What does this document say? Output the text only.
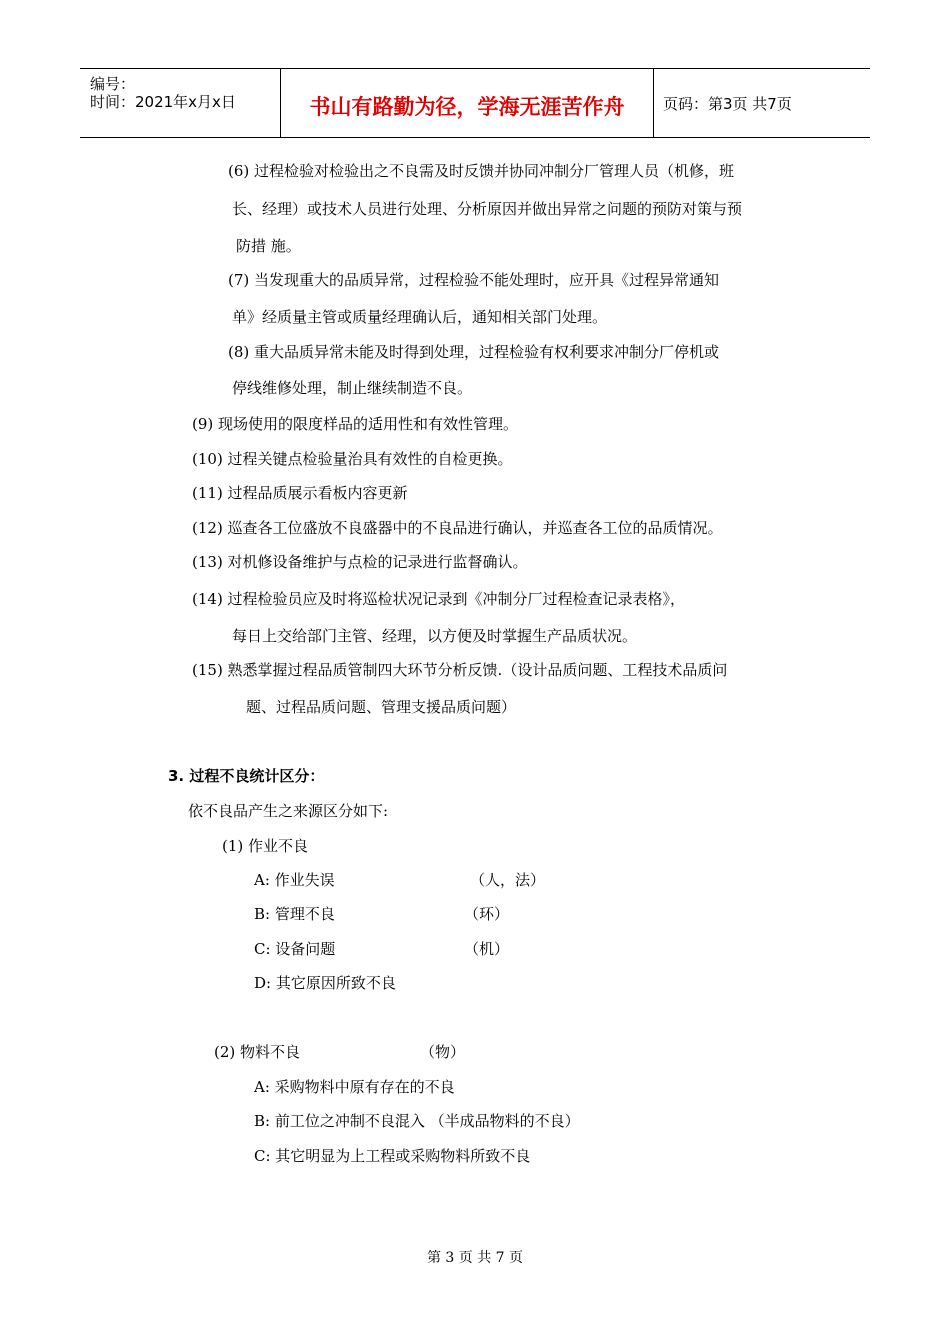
编号：
时间：2021年x月x日	书山有路勤为径，学海无涯苦作舟	页码：第3页 共7页
(6) 过程检验对检验出之不良需及时反馈并协同冲制分厂管理人员（机修，班
长、经理）或技术人员进行处理、分析原因并做出异常之问题的预防对策与预
防措 施。
(7) 当发现重大的品质异常，过程检验不能处理时，应开具《过程异常通知
单》经质量主管或质量经理确认后，通知相关部门处理。
(8) 重大品质异常未能及时得到处理，过程检验有权利要求冲制分厂停机或
停线维修处理，制止继续制造不良。
(9) 现场使用的限度样品的适用性和有效性管理。
(10) 过程关键点检验量治具有效性的自检更换。
(11) 过程品质展示看板内容更新
(12) 巡查各工位盛放不良盛器中的不良品进行确认，并巡查各工位的品质情况。
(13) 对机修设备维护与点检的记录进行监督确认。
(14) 过程检验员应及时将巡检状况记录到《冲制分厂过程检查记录表格》，
每日上交给部门主管、经理，以方便及时掌握生产品质状况。
(15) 熟悉掌握过程品质管制四大环节分析反馈.（设计品质问题、工程技术品质问
题、过程品质问题、管理支援品质问题）
3. 过程不良统计区分：
依不良品产生之来源区分如下:
(1) 作业不良
A: 作业失误	（人，法）
B: 管理不良	（环）
C: 设备问题	（机）
D: 其它原因所致不良
(2) 物料不良	（物）
A: 采购物料中原有存在的不良
B: 前工位之冲制不良混入 （半成品物料的不良）
C: 其它明显为上工程或采购物料所致不良
第 3 页 共 7 页
